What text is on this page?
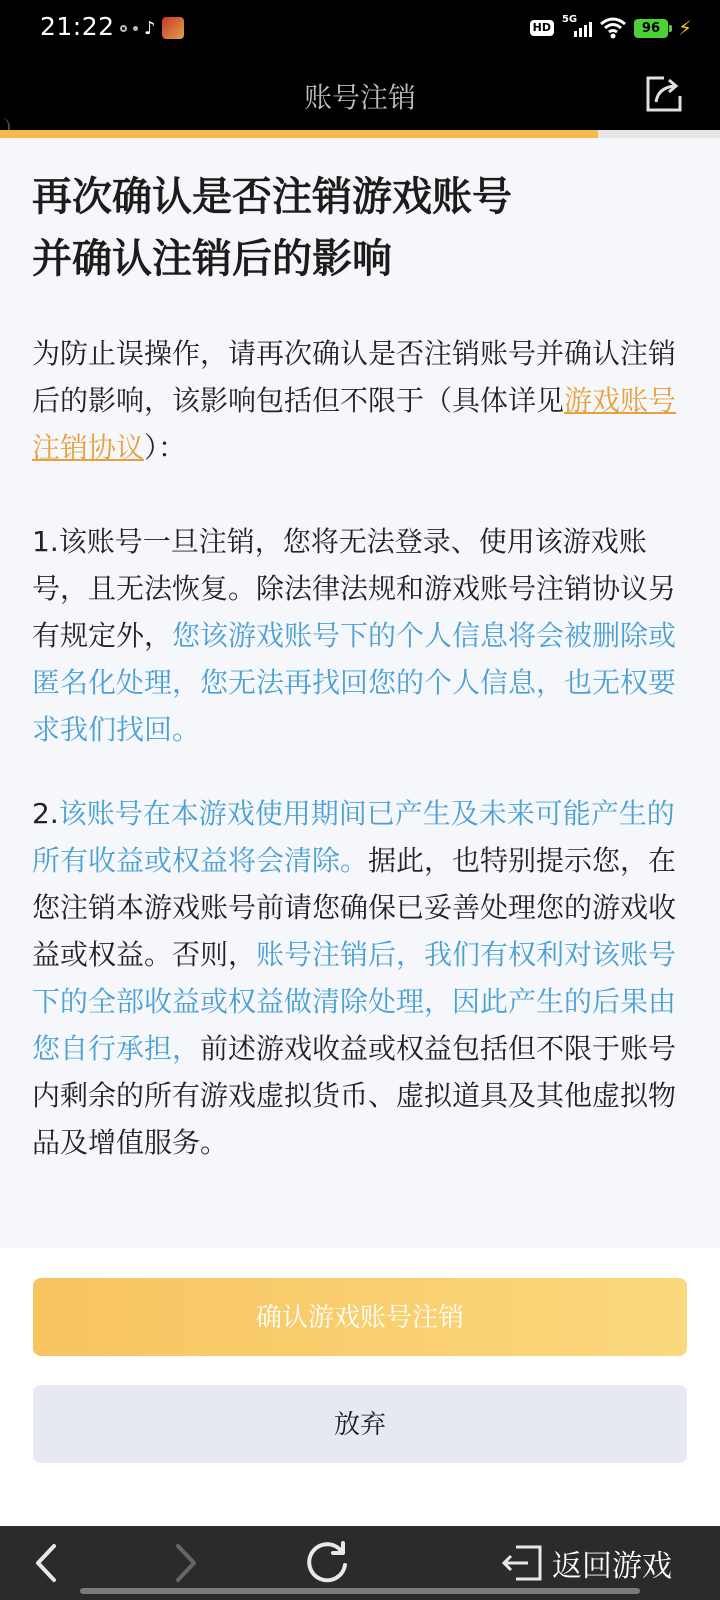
21:22 ♪	HD
5G
96 ⚡
账号注销
再次确认是否注销游戏账号
并确认注销后的影响
为防止误操作，请再次确认是否注销账号并确认注销后的影响，该影响包括但不限于（具体详见游戏账号注销协议）：
1.该账号一旦注销，您将无法登录、使用该游戏账号，且无法恢复。除法律法规和游戏账号注销协议另有规定外，您该游戏账号下的个人信息将会被删除或匿名化处理，您无法再找回您的个人信息，也无权要求我们找回。
2.该账号在本游戏使用期间已产生及未来可能产生的所有收益或权益将会清除。据此，也特别提示您，在您注销本游戏账号前请您确保已妥善处理您的游戏收益或权益。否则，账号注销后，我们有权利对该账号下的全部收益或权益做清除处理，因此产生的后果由您自行承担，前述游戏收益或权益包括但不限于账号内剩余的所有游戏虚拟货币、虚拟道具及其他虚拟物品及增值服务。
确认游戏账号注销
放弃
返回游戏
